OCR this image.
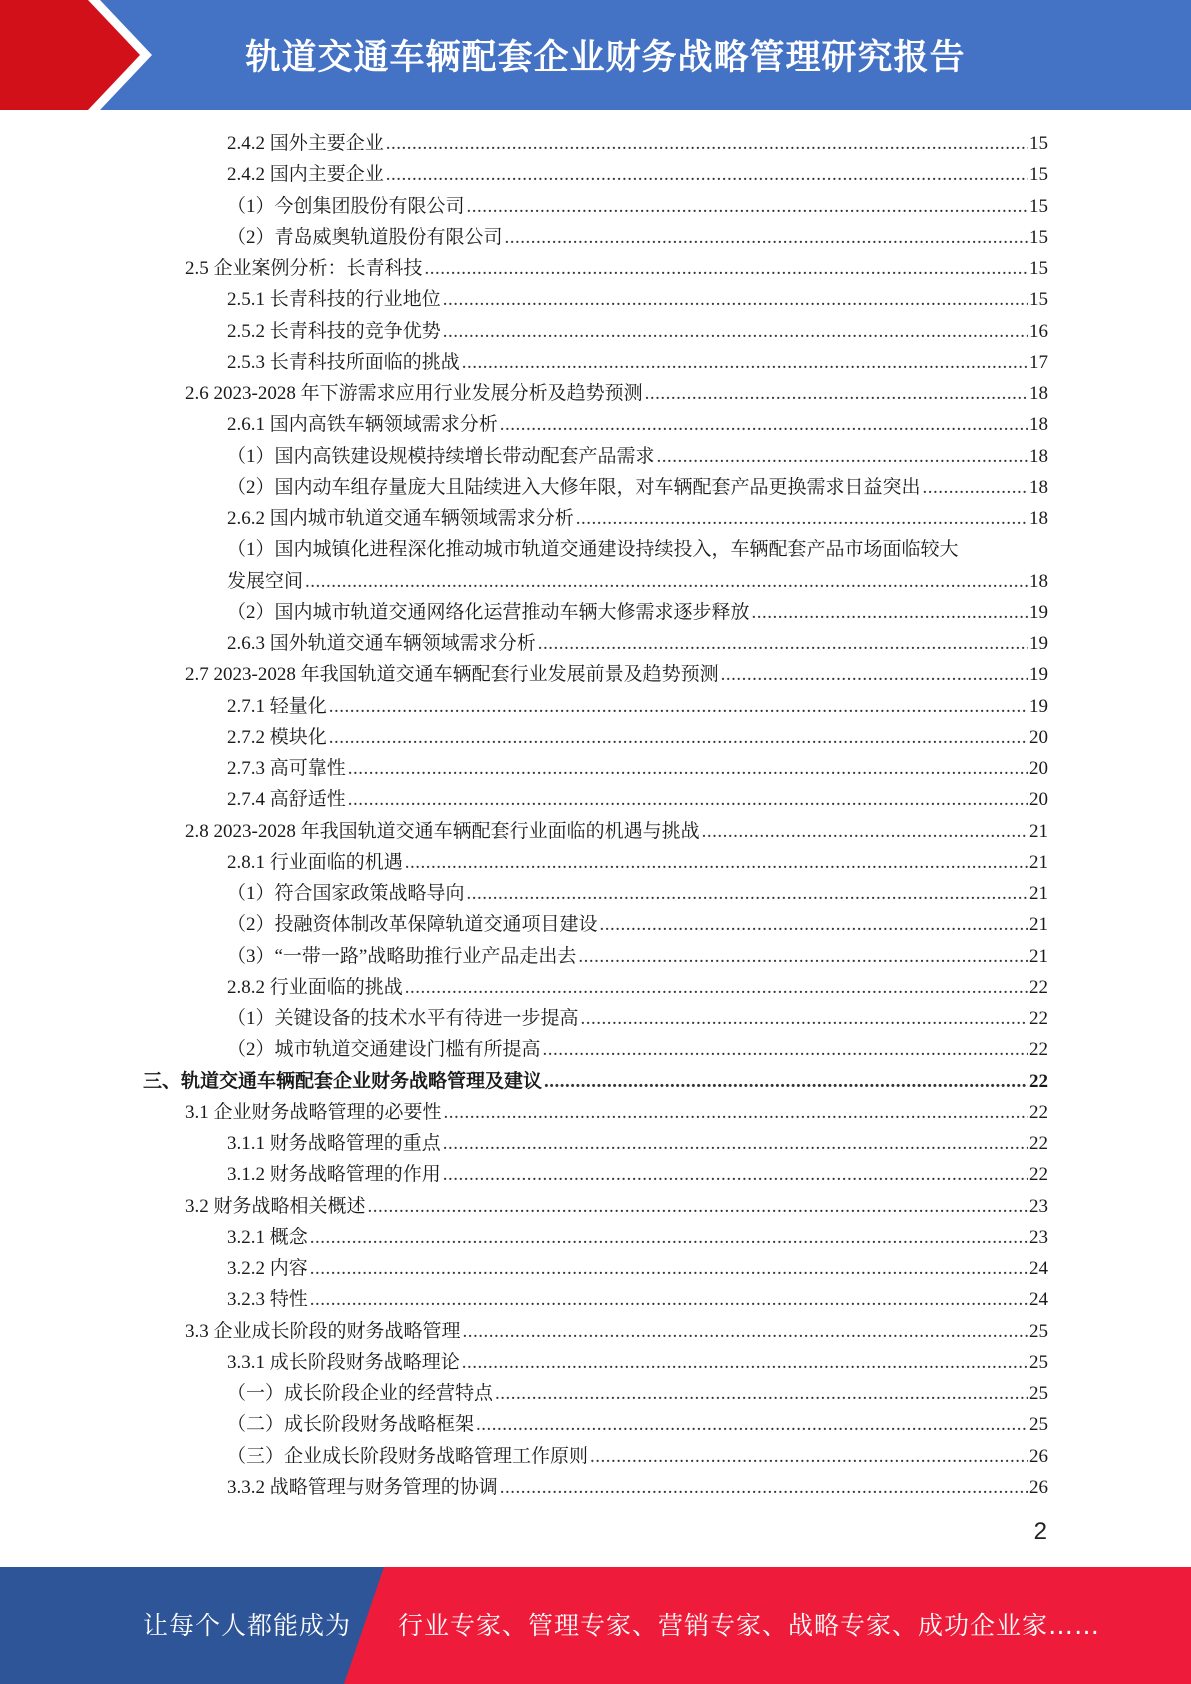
轨道交通车辆配套企业财务战略管理研究报告
2.4.2 国外主要企业 .....	15
2.4.2 国内主要企业 .....	15
（1）今创集团股份有限公司 .....	15
（2）青岛威奥轨道股份有限公司 .....	15
2.5 企业案例分析：长青科技 .....	15
2.5.1 长青科技的行业地位 .....	15
2.5.2 长青科技的竞争优势 .....	16
2.5.3 长青科技所面临的挑战 .....	17
2.6 2023-2028 年下游需求应用行业发展分析及趋势预测 .....	18
2.6.1 国内高铁车辆领域需求分析 .....	18
（1）国内高铁建设规模持续增长带动配套产品需求 .....	18
（2）国内动车组存量庞大且陆续进入大修年限，对车辆配套产品更换需求日益突出 .....	18
2.6.2 国内城市轨道交通车辆领域需求分析 .....	18
（1）国内城镇化进程深化推动城市轨道交通建设持续投入，车辆配套产品市场面临较大
发展空间 .....	18
（2）国内城市轨道交通网络化运营推动车辆大修需求逐步释放 .....	19
2.6.3 国外轨道交通车辆领域需求分析 .....	19
2.7 2023-2028 年我国轨道交通车辆配套行业发展前景及趋势预测 .....	19
2.7.1 轻量化 .....	19
2.7.2 模块化 .....	20
2.7.3 高可靠性 .....	20
2.7.4 高舒适性 .....	20
2.8 2023-2028 年我国轨道交通车辆配套行业面临的机遇与挑战 .....	21
2.8.1 行业面临的机遇 .....	21
（1）符合国家政策战略导向 .....	21
（2）投融资体制改革保障轨道交通项目建设 .....	21
（3）“一带一路”战略助推行业产品走出去 .....	21
2.8.2 行业面临的挑战 .....	22
（1）关键设备的技术水平有待进一步提高 .....	22
（2）城市轨道交通建设门槛有所提高 .....	22
三、轨道交通车辆配套企业财务战略管理及建议 .....	22
3.1 企业财务战略管理的必要性 .....	22
3.1.1 财务战略管理的重点 .....	22
3.1.2 财务战略管理的作用 .....	22
3.2 财务战略相关概述 .....	23
3.2.1 概念 .....	23
3.2.2 内容 .....	24
3.2.3 特性 .....	24
3.3 企业成长阶段的财务战略管理 .....	25
3.3.1 成长阶段财务战略理论 .....	25
（一）成长阶段企业的经营特点 .....	25
（二）成长阶段财务战略框架 .....	25
（三）企业成长阶段财务战略管理工作原则 .....	26
3.3.2 战略管理与财务管理的协调 .....	26
2
让每个人都能成为 行业专家、管理专家、营销专家、战略专家、成功企业家……
